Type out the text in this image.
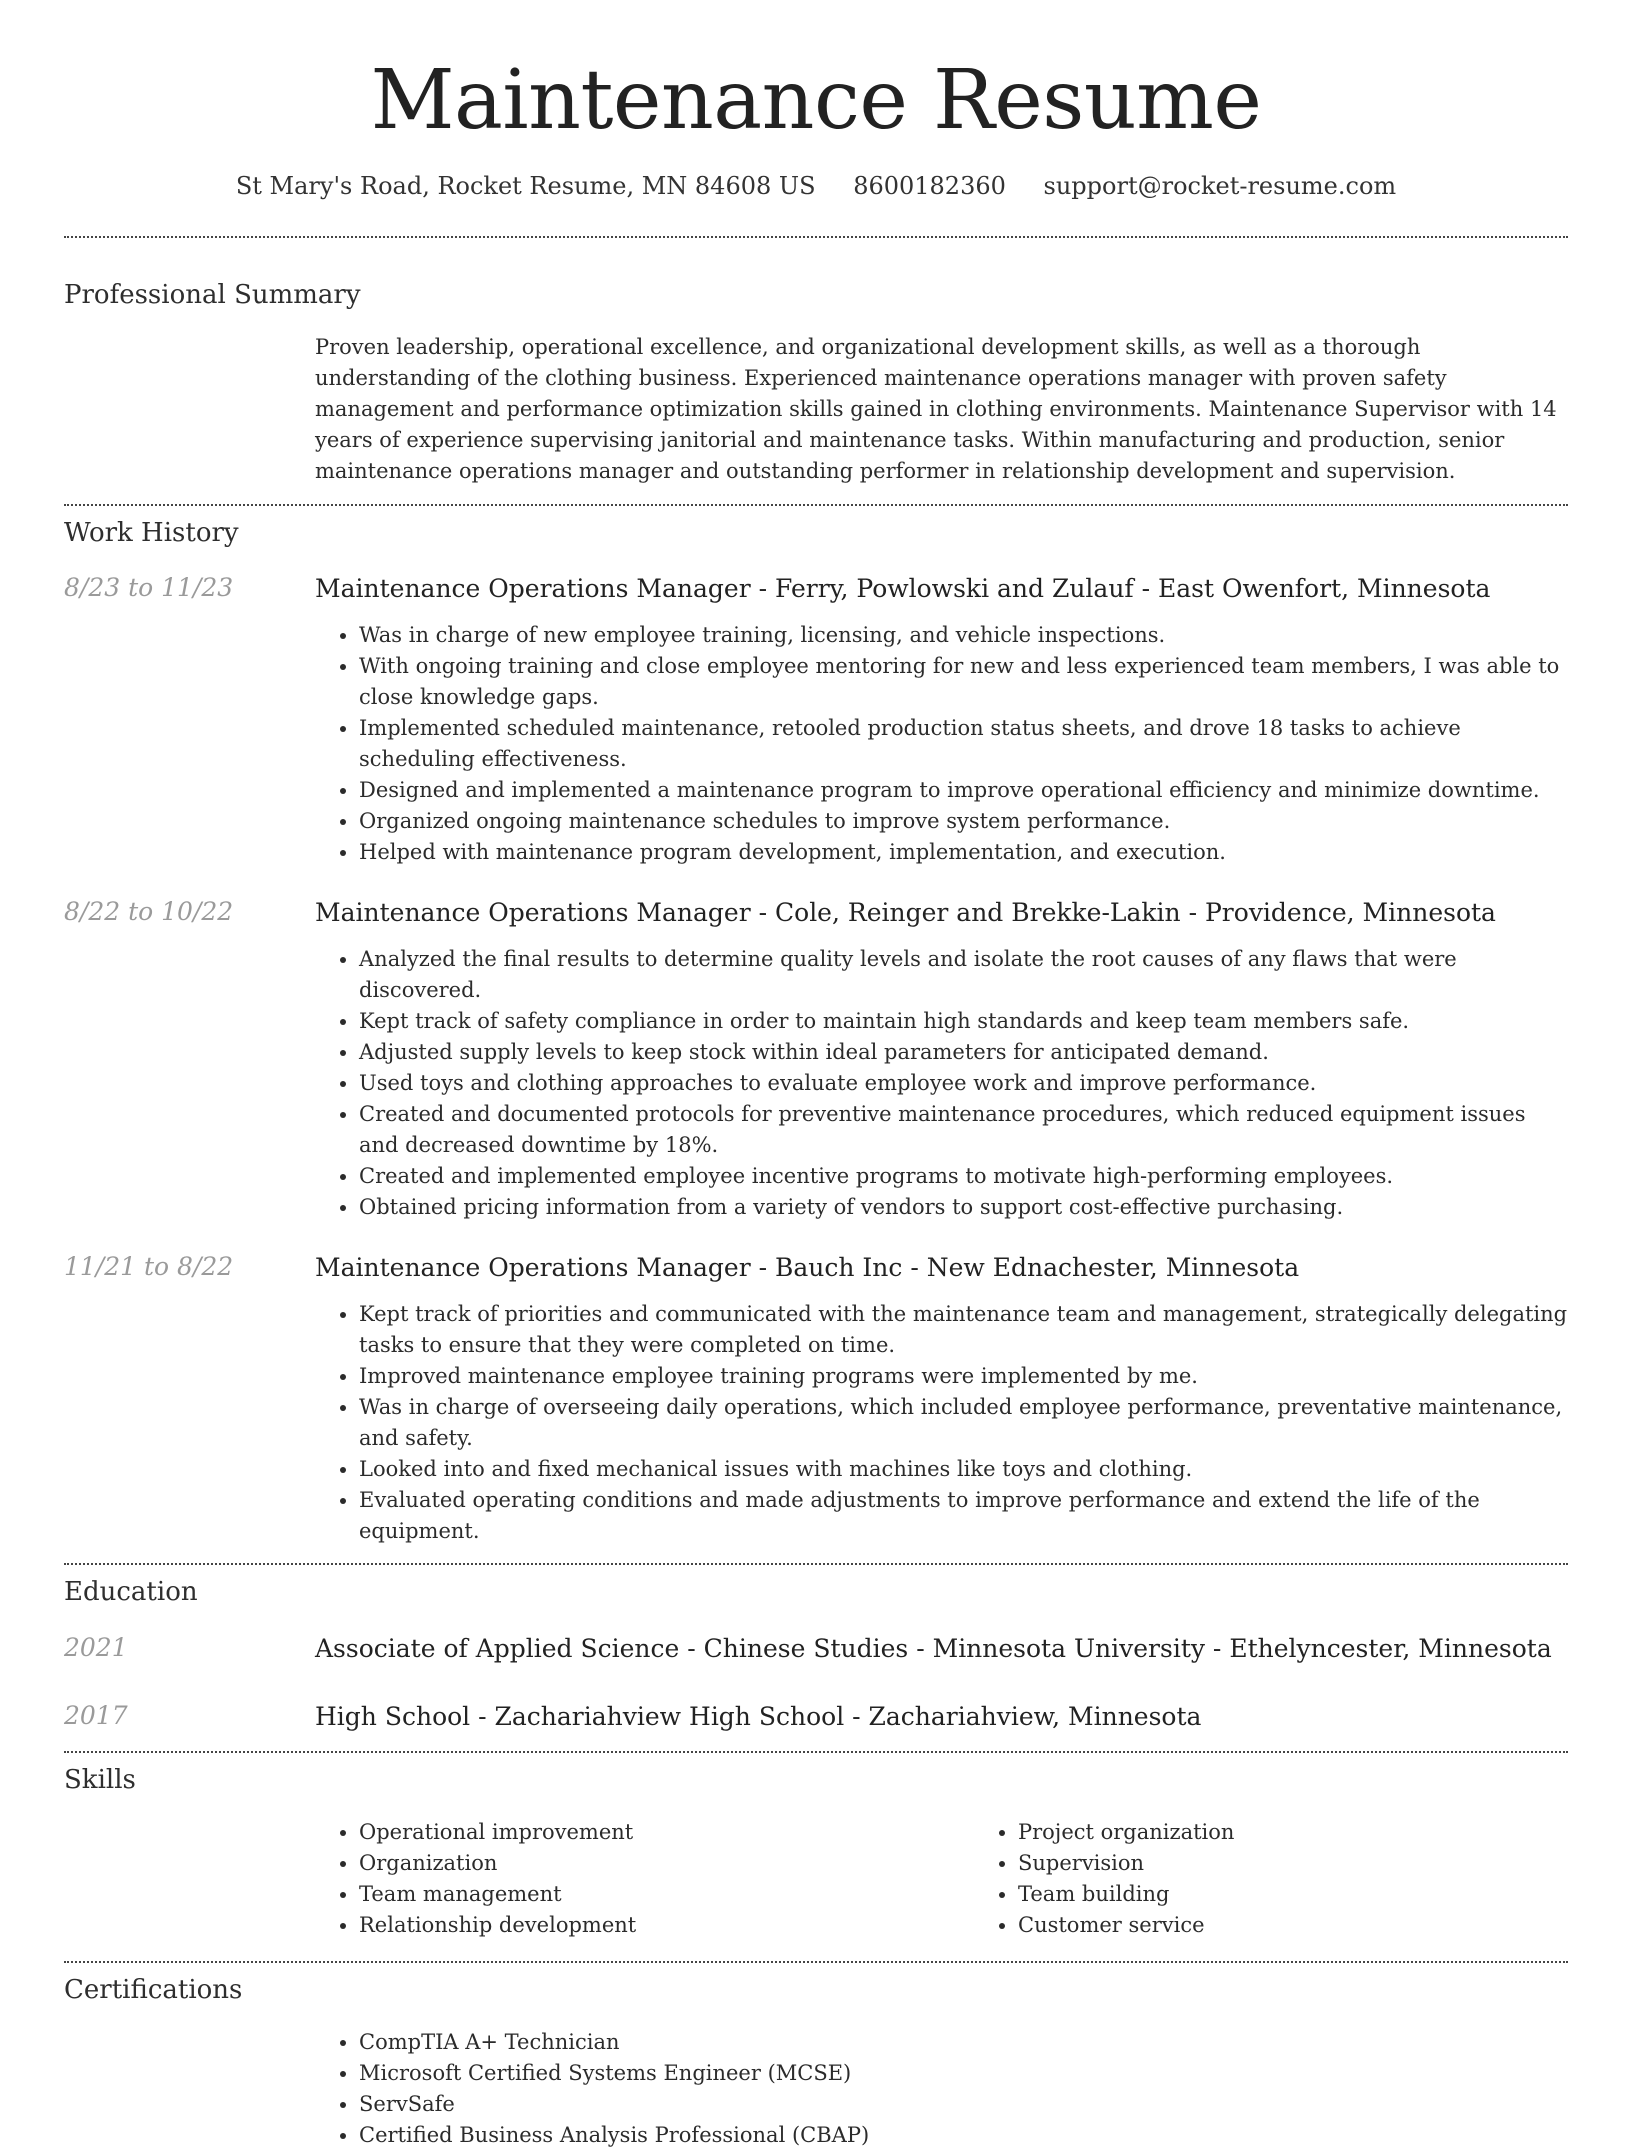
Maintenance Resume
St Mary's Road, Rocket Resume, MN 84608 US 8600182360 support@rocket-resume.com
Professional Summary

Proven leadership, operational excellence, and organizational development skills, as well as a thorough understanding of the clothing business. Experienced maintenance operations manager with proven safety management and performance optimization skills gained in clothing environments. Maintenance Supervisor with 14 years of experience supervising janitorial and maintenance tasks. Within manufacturing and production, senior maintenance operations manager and outstanding performer in relationship development and supervision.

Work History
8/23 to 11/23	Maintenance Operations Manager - Ferry, Powlowski and Zulauf - East Owenfort, Minnesota
• Was in charge of new employee training, licensing, and vehicle inspections.
• With ongoing training and close employee mentoring for new and less experienced team members, I was able to close knowledge gaps.
• Implemented scheduled maintenance, retooled production status sheets, and drove 18 tasks to achieve scheduling effectiveness.
• Designed and implemented a maintenance program to improve operational efficiency and minimize downtime.
• Organized ongoing maintenance schedules to improve system performance.
• Helped with maintenance program development, implementation, and execution.
8/22 to 10/22	Maintenance Operations Manager - Cole, Reinger and Brekke-Lakin - Providence, Minnesota
• Analyzed the final results to determine quality levels and isolate the root causes of any flaws that were discovered.
• Kept track of safety compliance in order to maintain high standards and keep team members safe.
• Adjusted supply levels to keep stock within ideal parameters for anticipated demand.
• Used toys and clothing approaches to evaluate employee work and improve performance.
• Created and documented protocols for preventive maintenance procedures, which reduced equipment issues and decreased downtime by 18%.
• Created and implemented employee incentive programs to motivate high-performing employees.
• Obtained pricing information from a variety of vendors to support cost-effective purchasing.
11/21 to 8/22	Maintenance Operations Manager - Bauch Inc - New Ednachester, Minnesota
• Kept track of priorities and communicated with the maintenance team and management, strategically delegating tasks to ensure that they were completed on time.
• Improved maintenance employee training programs were implemented by me.
• Was in charge of overseeing daily operations, which included employee performance, preventative maintenance, and safety.
• Looked into and fixed mechanical issues with machines like toys and clothing.
• Evaluated operating conditions and made adjustments to improve performance and extend the life of the equipment.
Education
2021	Associate of Applied Science - Chinese Studies - Minnesota University - Ethelyncester, Minnesota
2017	High School - Zachariahview High School - Zachariahview, Minnesota
Skills
• Operational improvement
• Organization
• Team management
• Relationship development
• Project organization
• Supervision
• Team building
• Customer service
Certifications
• CompTIA A+ Technician
• Microsoft Certified Systems Engineer (MCSE)
• ServSafe
• Certified Business Analysis Professional (CBAP)
